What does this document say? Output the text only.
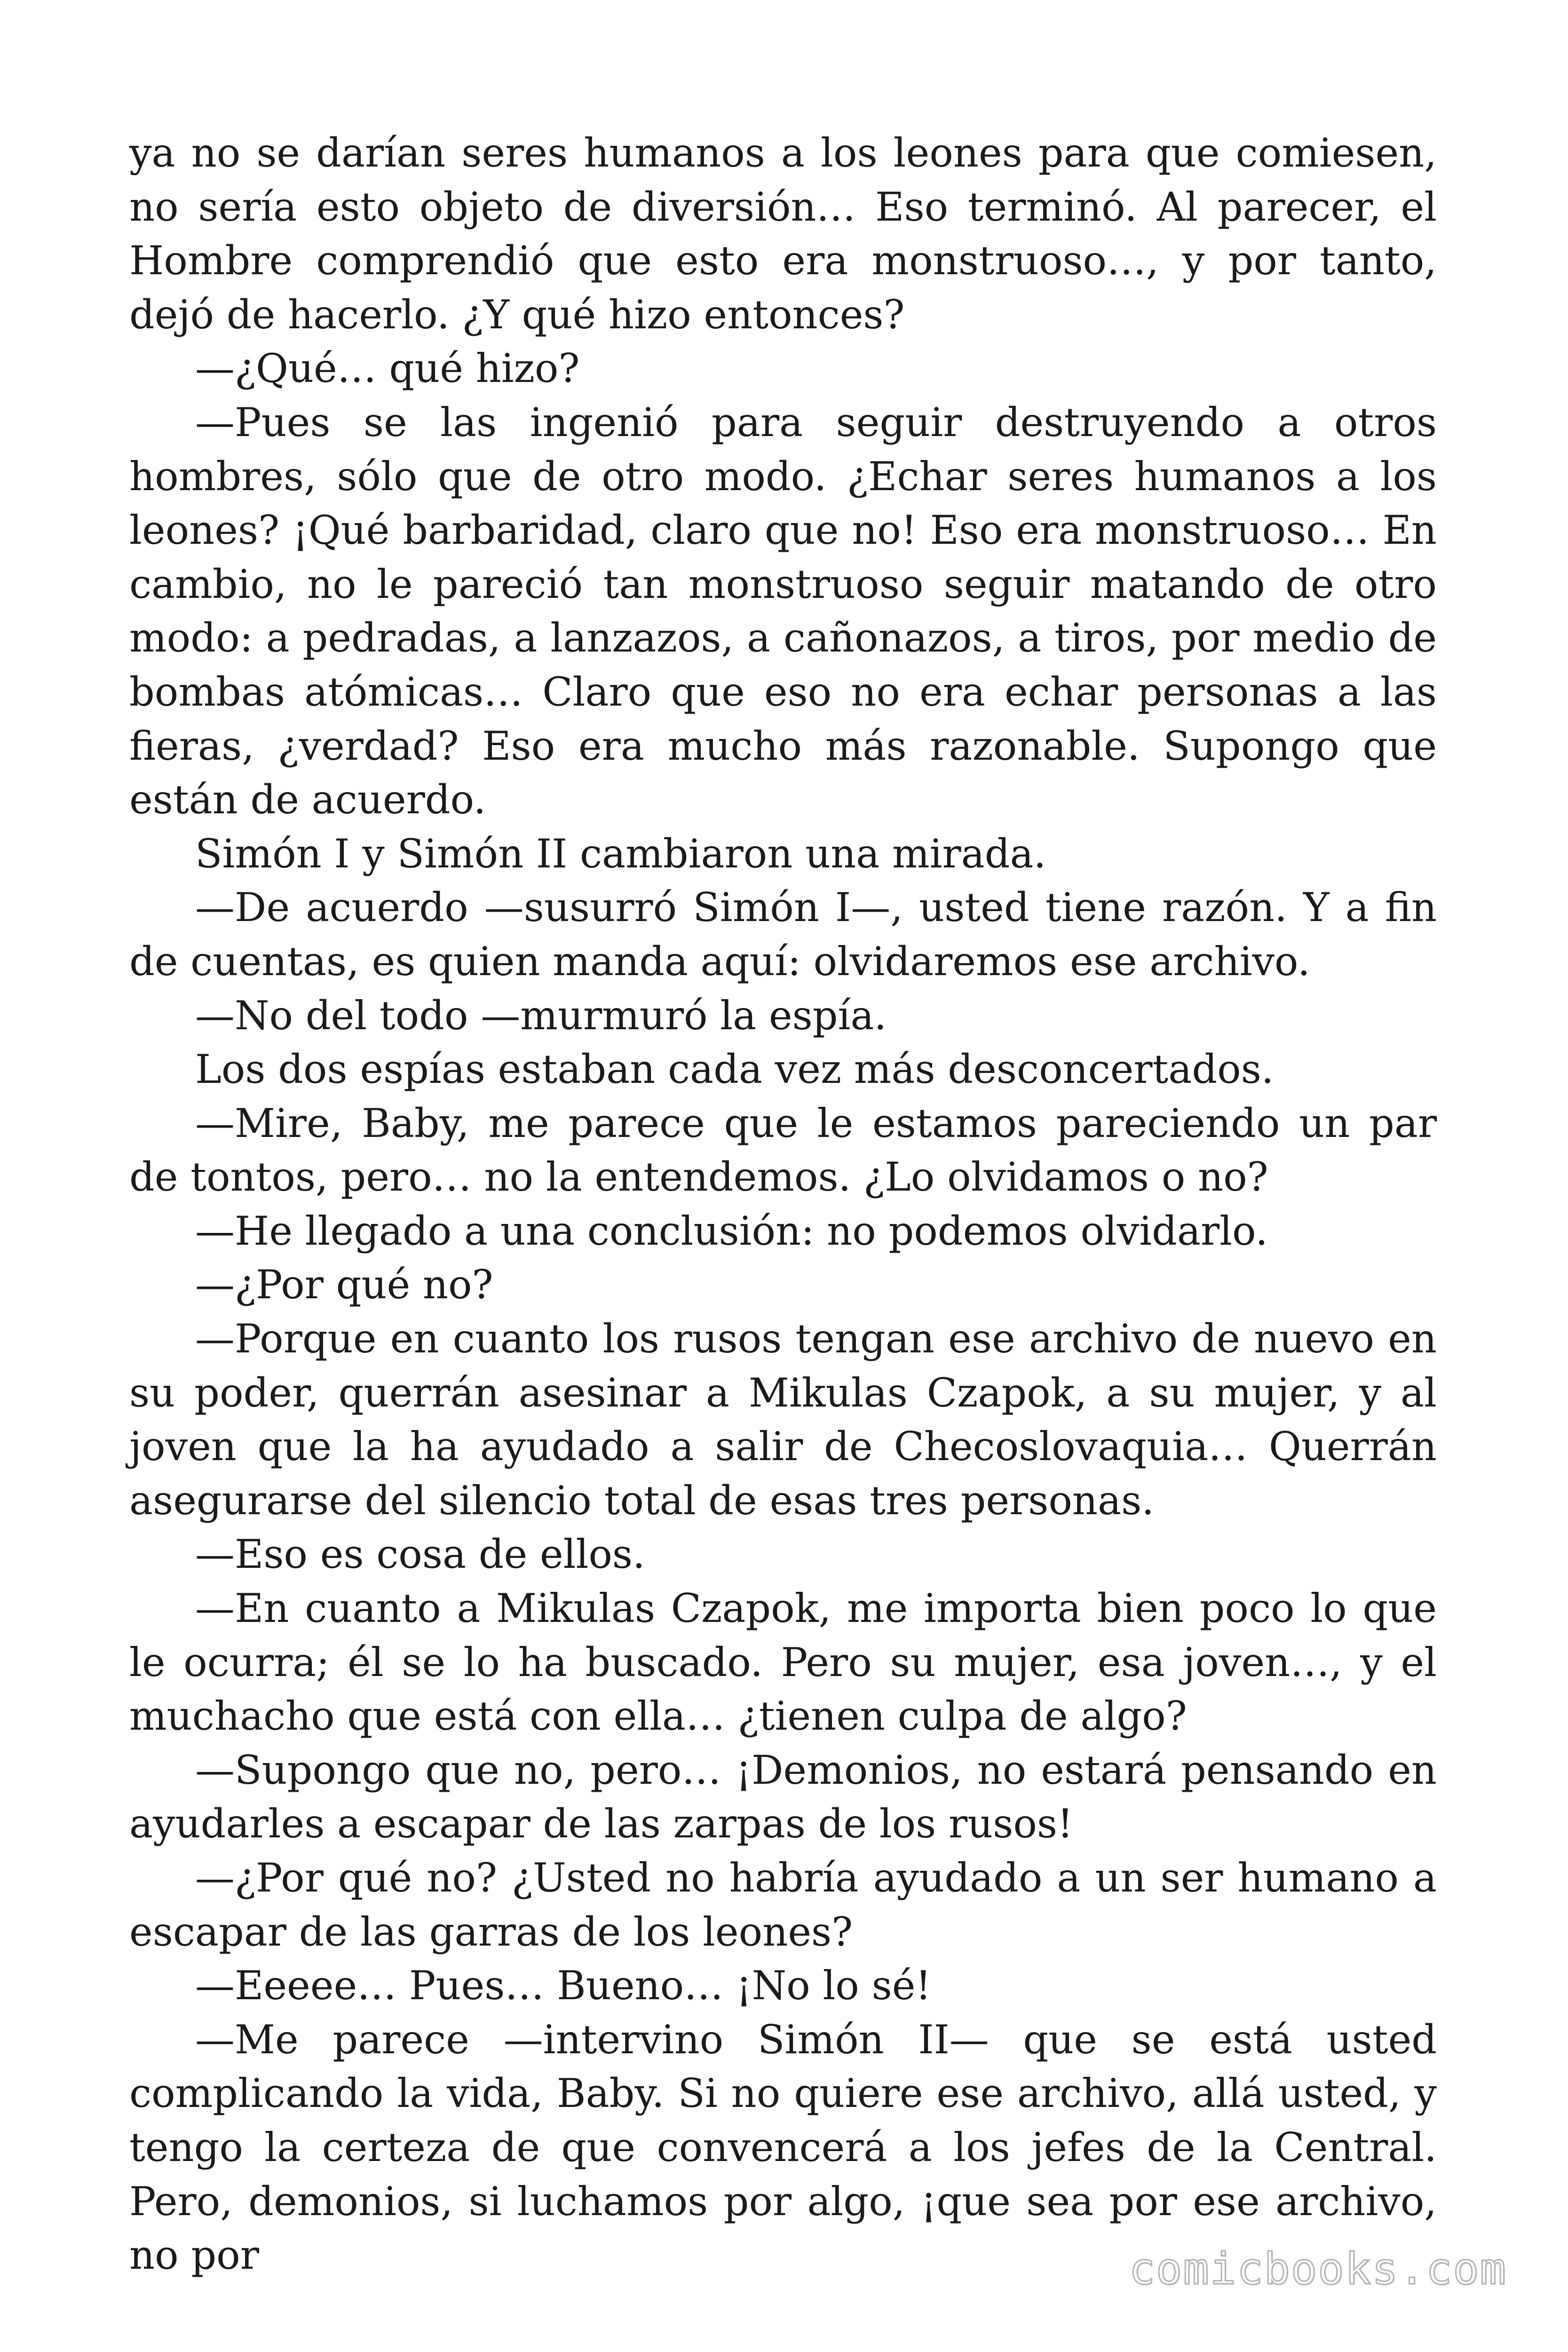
ya no se darían seres humanos a los leones para que comiesen, no sería esto objeto de diversión… Eso terminó. Al parecer, el Hombre comprendió que esto era monstruoso…, y por tanto, dejó de hacerlo. ¿Y qué hizo entonces?

—¿Qué… qué hizo?

—Pues se las ingenió para seguir destruyendo a otros hombres, sólo que de otro modo. ¿Echar seres humanos a los leones? ¡Qué barbaridad, claro que no! Eso era monstruoso… En cambio, no le pareció tan monstruoso seguir matando de otro modo: a pedradas, a lanzazos, a cañonazos, a tiros, por medio de bombas atómicas… Claro que eso no era echar personas a las fieras, ¿verdad? Eso era mucho más razonable. Supongo que están de acuerdo.

Simón I y Simón II cambiaron una mirada.

—De acuerdo —susurró Simón I—, usted tiene razón. Y a fin de cuentas, es quien manda aquí: olvidaremos ese archivo.

—No del todo —murmuró la espía.

Los dos espías estaban cada vez más desconcertados.

—Mire, Baby, me parece que le estamos pareciendo un par de tontos, pero… no la entendemos. ¿Lo olvidamos o no?

—He llegado a una conclusión: no podemos olvidarlo.

—¿Por qué no?

—Porque en cuanto los rusos tengan ese archivo de nuevo en su poder, querrán asesinar a Mikulas Czapok, a su mujer, y al joven que la ha ayudado a salir de Checoslovaquia… Querrán asegurarse del silencio total de esas tres personas.

—Eso es cosa de ellos.

—En cuanto a Mikulas Czapok, me importa bien poco lo que le ocurra; él se lo ha buscado. Pero su mujer, esa joven…, y el muchacho que está con ella… ¿tienen culpa de algo?

—Supongo que no, pero… ¡Demonios, no estará pensando en ayudarles a escapar de las zarpas de los rusos!

—¿Por qué no? ¿Usted no habría ayudado a un ser humano a escapar de las garras de los leones?

—Eeeee… Pues… Bueno… ¡No lo sé!

—Me parece —intervino Simón II— que se está usted complicando la vida, Baby. Si no quiere ese archivo, allá usted, y tengo la certeza de que convencerá a los jefes de la Central. Pero, demonios, si luchamos por algo, ¡que sea por ese archivo, no por	comicbooks.com
